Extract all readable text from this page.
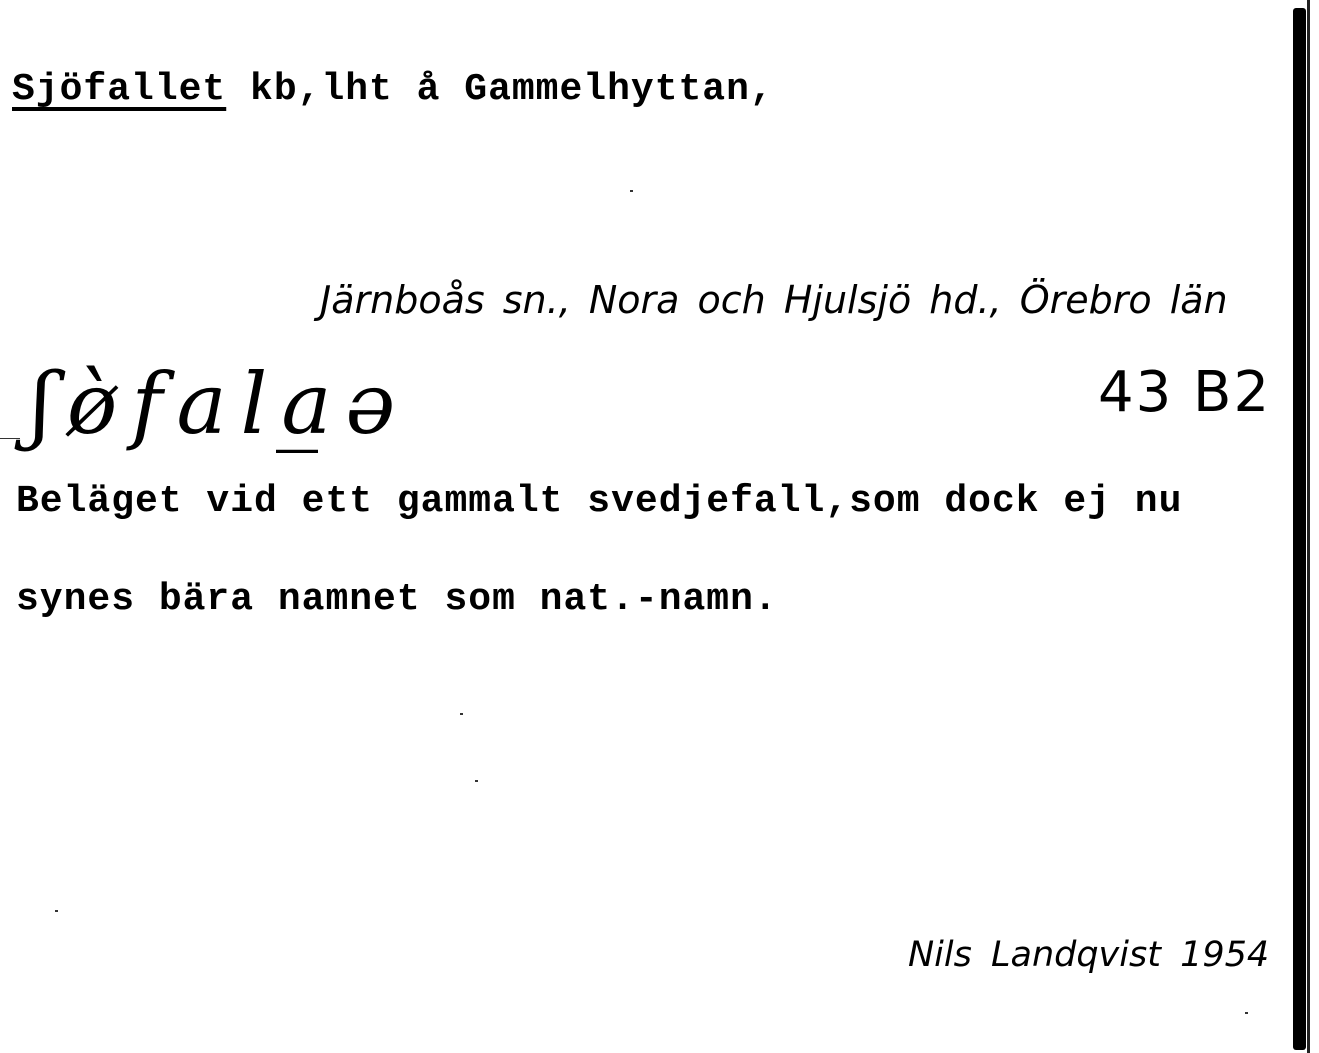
Sjöfallet kb,lht å Gammelhyttan,
Järnboås sn., Nora och Hjulsjö hd., Örebro län
ʃø̀fala̲ə	43 B2
Beläget vid ett gammalt svedjefall,som dock ej nu
synes bära namnet som nat.-namn.
Nils Landqvist 1954
